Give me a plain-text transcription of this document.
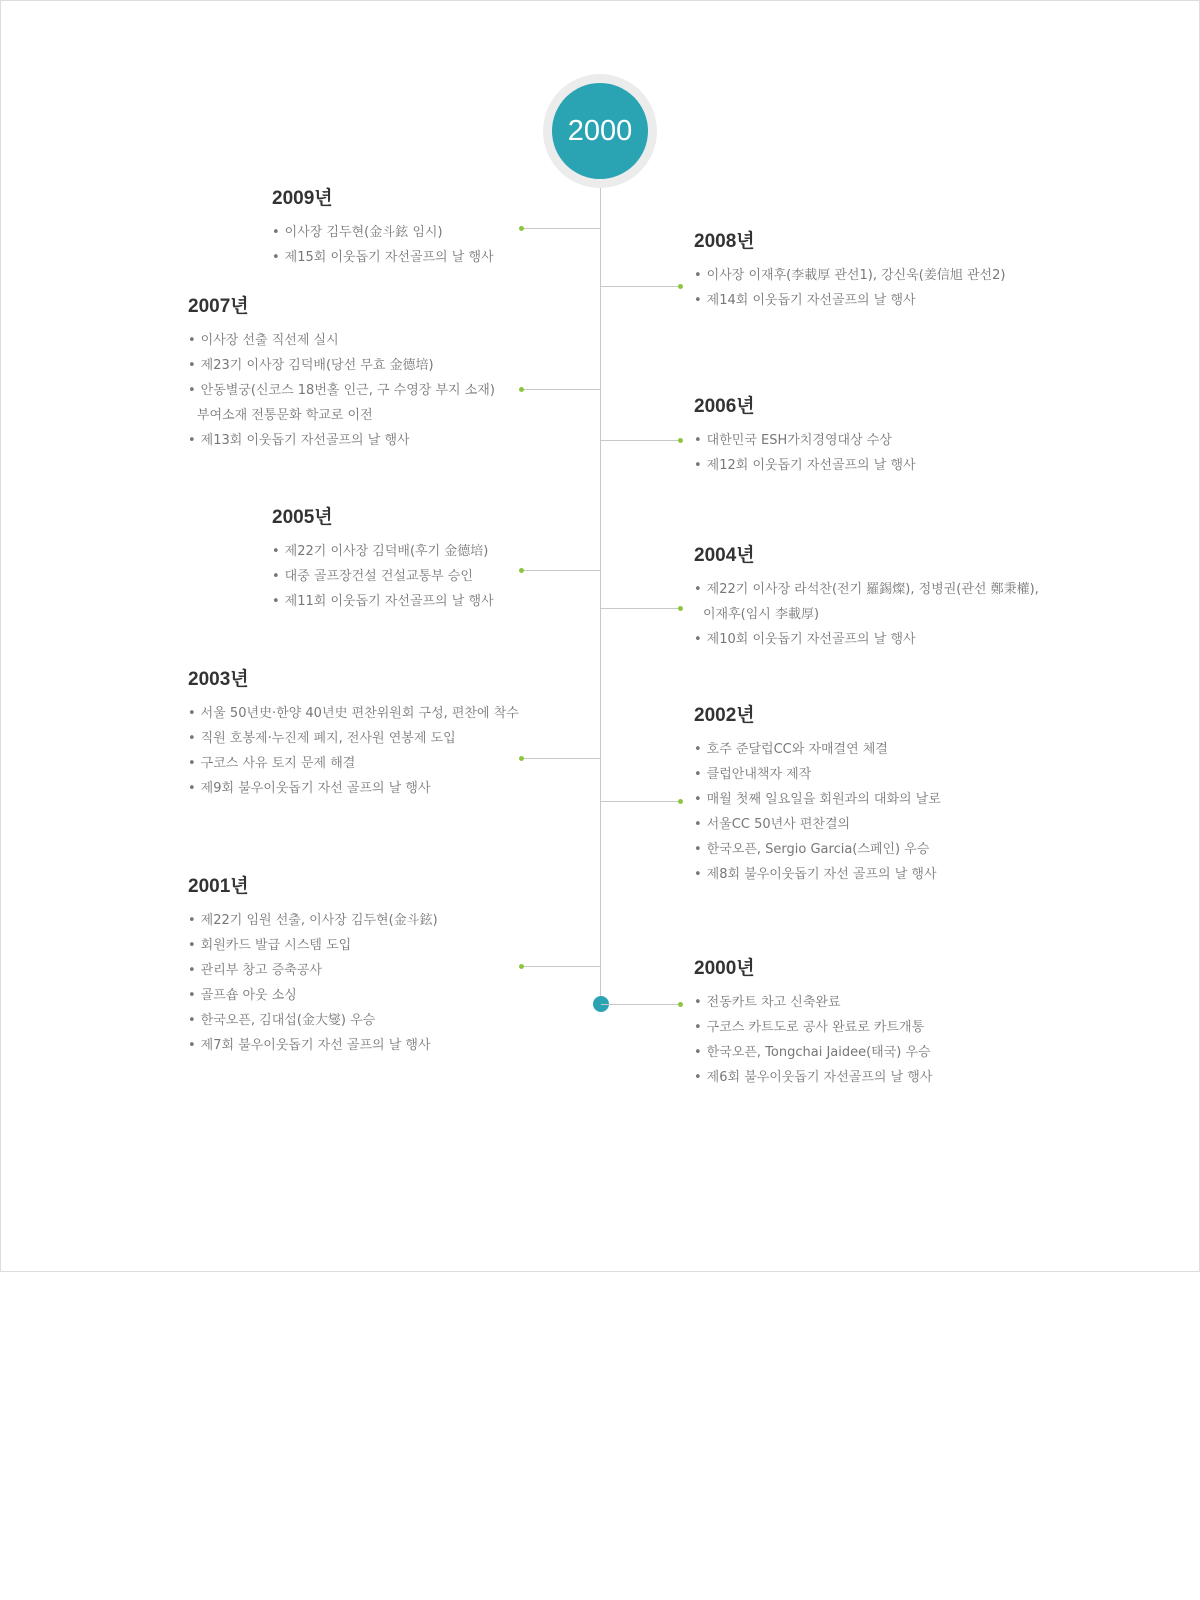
2000
2009년
• 이사장 김두현(金斗鉉 임시)
• 제15회 이웃돕기 자선골프의 날 행사
2008년
• 이사장 이재후(李載厚 관선1), 강신욱(姜信旭 관선2)
• 제14회 이웃돕기 자선골프의 날 행사
2007년
• 이사장 선출 직선제 실시
• 제23기 이사장 김덕배(당선 무효 金德培)
• 안동별궁(신코스 18번홀 인근, 구 수영장 부지 소재)
부여소재 전통문화 학교로 이전
• 제13회 이웃돕기 자선골프의 날 행사
2006년
• 대한민국 ESH가치경영대상 수상
• 제12회 이웃돕기 자선골프의 날 행사
2005년
• 제22기 이사장 김덕배(후기 金德培)
• 대중 골프장건설 건설교통부 승인
• 제11회 이웃돕기 자선골프의 날 행사
2004년
• 제22기 이사장 라석찬(전기 羅錫燦), 정병권(관선 鄭秉權),
이재후(임시 李載厚)
• 제10회 이웃돕기 자선골프의 날 행사
2003년
• 서울 50년史·한양 40년史 편찬위원회 구성, 편찬에 착수
• 직원 호봉제·누진제 폐지, 전사원 연봉제 도입
• 구코스 사유 토지 문제 해결
• 제9회 불우이웃돕기 자선 골프의 날 행사
2002년
• 호주 준달럽CC와 자매결연 체결
• 클럽안내책자 제작
• 매월 첫째 일요일을 회원과의 대화의 날로
• 서울CC 50년사 편찬결의
• 한국오픈, Sergio Garcia(스페인) 우승
• 제8회 불우이웃돕기 자선 골프의 날 행사
2001년
• 제22기 임원 선출, 이사장 김두현(金斗鉉)
• 회원카드 발급 시스템 도입
• 관리부 창고 증축공사
• 골프숍 아웃 소싱
• 한국오픈, 김대섭(金大燮) 우승
• 제7회 불우이웃돕기 자선 골프의 날 행사
2000년
• 전동카트 차고 신축완료
• 구코스 카트도로 공사 완료로 카트개통
• 한국오픈, Tongchai Jaidee(태국) 우승
• 제6회 불우이웃돕기 자선골프의 날 행사
